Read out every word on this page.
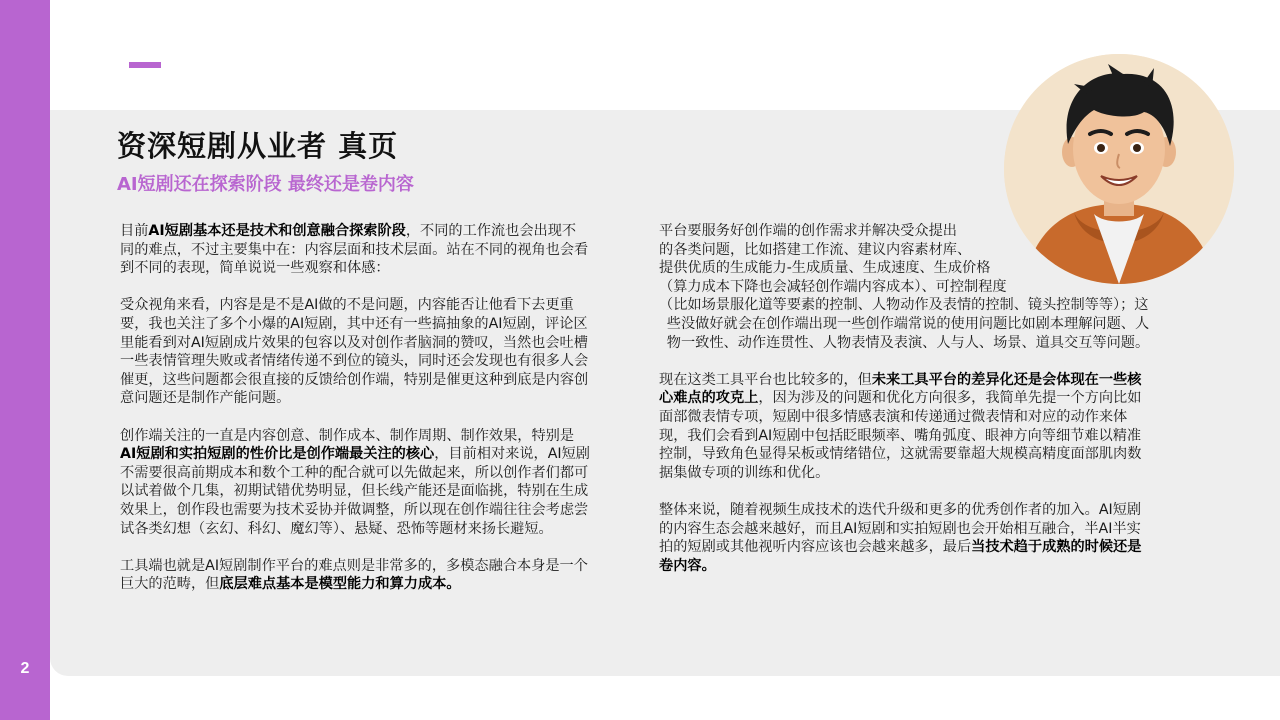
2
资深短剧从业者 真页
AI短剧还在探索阶段 最终还是卷内容

目前AI短剧基本还是技术和创意融合探索阶段，不同的工作流也会出现不同的难点，不过主要集中在：内容层面和技术层面。站在不同的视角也会看到不同的表现，简单说说一些观察和体感：

受众视角来看，内容是是不是AI做的不是问题，内容能否让他看下去更重要，我也关注了多个小爆的AI短剧，其中还有一些搞抽象的AI短剧，评论区里能看到对AI短剧成片效果的包容以及对创作者脑洞的赞叹，当然也会吐槽一些表情管理失败或者情绪传递不到位的镜头，同时还会发现也有很多人会催更，这些问题都会很直接的反馈给创作端，特别是催更这种到底是内容创意问题还是制作产能问题。

创作端关注的一直是内容创意、制作成本、制作周期、制作效果，特别是AI短剧和实拍短剧的性价比是创作端最关注的核心，目前相对来说，AI短剧不需要很高前期成本和数个工种的配合就可以先做起来，所以创作者们都可以试着做个几集，初期试错优势明显，但长线产能还是面临挑，特别在生成效果上，创作段也需要为技术妥协并做调整，所以现在创作端往往会考虑尝试各类幻想（玄幻、科幻、魔幻等）、悬疑、恐怖等题材来扬长避短。

工具端也就是AI短剧制作平台的难点则是非常多的，多模态融合本身是一个巨大的范畴，但底层难点基本是模型能力和算力成本。

平台要服务好创作端的创作需求并解决受众提出
的各类问题，比如搭建工作流、建议内容素材库、
提供优质的生成能力-生成质量、生成速度、生成价格
（算力成本下降也会减轻创作端内容成本）、可控制程度
（比如场景服化道等要素的控制、人物动作及表情的控制、镜头控制等等）；这些没做好就会在创作端出现一些创作端常说的使用问题比如剧本理解问题、人物一致性、动作连贯性、人物表情及表演、人与人、场景、道具交互等问题。

现在这类工具平台也比较多的，但未来工具平台的差异化还是会体现在一些核心难点的攻克上，因为涉及的问题和优化方向很多，我简单先提一个方向比如面部微表情专项，短剧中很多情感表演和传递通过微表情和对应的动作来体现，我们会看到AI短剧中包括眨眼频率、嘴角弧度、眼神方向等细节难以精准控制，导致角色显得呆板或情绪错位，这就需要靠超大规模高精度面部肌肉数据集做专项的训练和优化。

整体来说，随着视频生成技术的迭代升级和更多的优秀创作者的加入。AI短剧的内容生态会越来越好，而且AI短剧和实拍短剧也会开始相互融合，半AI半实拍的短剧或其他视听内容应该也会越来越多，最后当技术趋于成熟的时候还是卷内容。
